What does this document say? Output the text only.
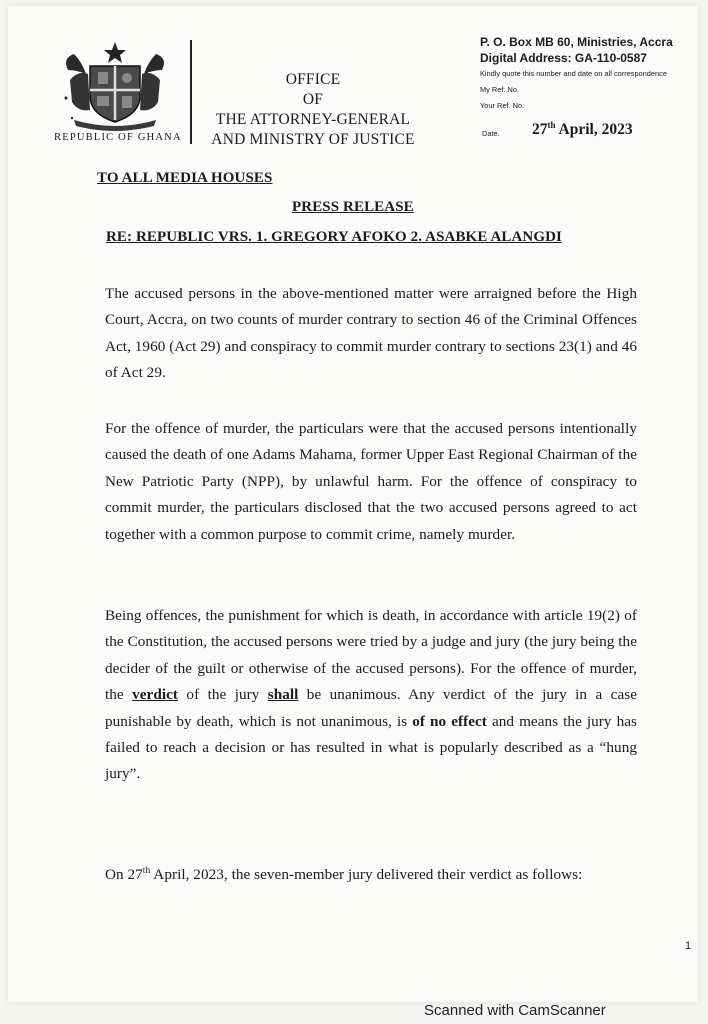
REPUBLIC OF GHANA
OFFICE
OF
THE ATTORNEY-GENERAL
AND MINISTRY OF JUSTICE
P. O. Box MB 60, Ministries, Accra
Digital Address: GA-110-0587
Kindly quote this number and date on all correspondence
My Ref. No.
Your Ref. No.
Date. 27th April, 2023
TO ALL MEDIA HOUSES
PRESS RELEASE
RE: REPUBLIC VRS. 1. GREGORY AFOKO 2. ASABKE ALANGDI
The accused persons in the above-mentioned matter were arraigned before the High Court, Accra, on two counts of murder contrary to section 46 of the Criminal Offences Act, 1960 (Act 29) and conspiracy to commit murder contrary to sections 23(1) and 46 of Act 29.
For the offence of murder, the particulars were that the accused persons intentionally caused the death of one Adams Mahama, former Upper East Regional Chairman of the New Patriotic Party (NPP), by unlawful harm. For the offence of conspiracy to commit murder, the particulars disclosed that the two accused persons agreed to act together with a common purpose to commit crime, namely murder.
Being offences, the punishment for which is death, in accordance with article 19(2) of the Constitution, the accused persons were tried by a judge and jury (the jury being the decider of the guilt or otherwise of the accused persons). For the offence of murder, the verdict of the jury shall be unanimous. Any verdict of the jury in a case punishable by death, which is not unanimous, is of no effect and means the jury has failed to reach a decision or has resulted in what is popularly described as a “hung jury”.
On 27th April, 2023, the seven-member jury delivered their verdict as follows:
1
Scanned with CamScanner
